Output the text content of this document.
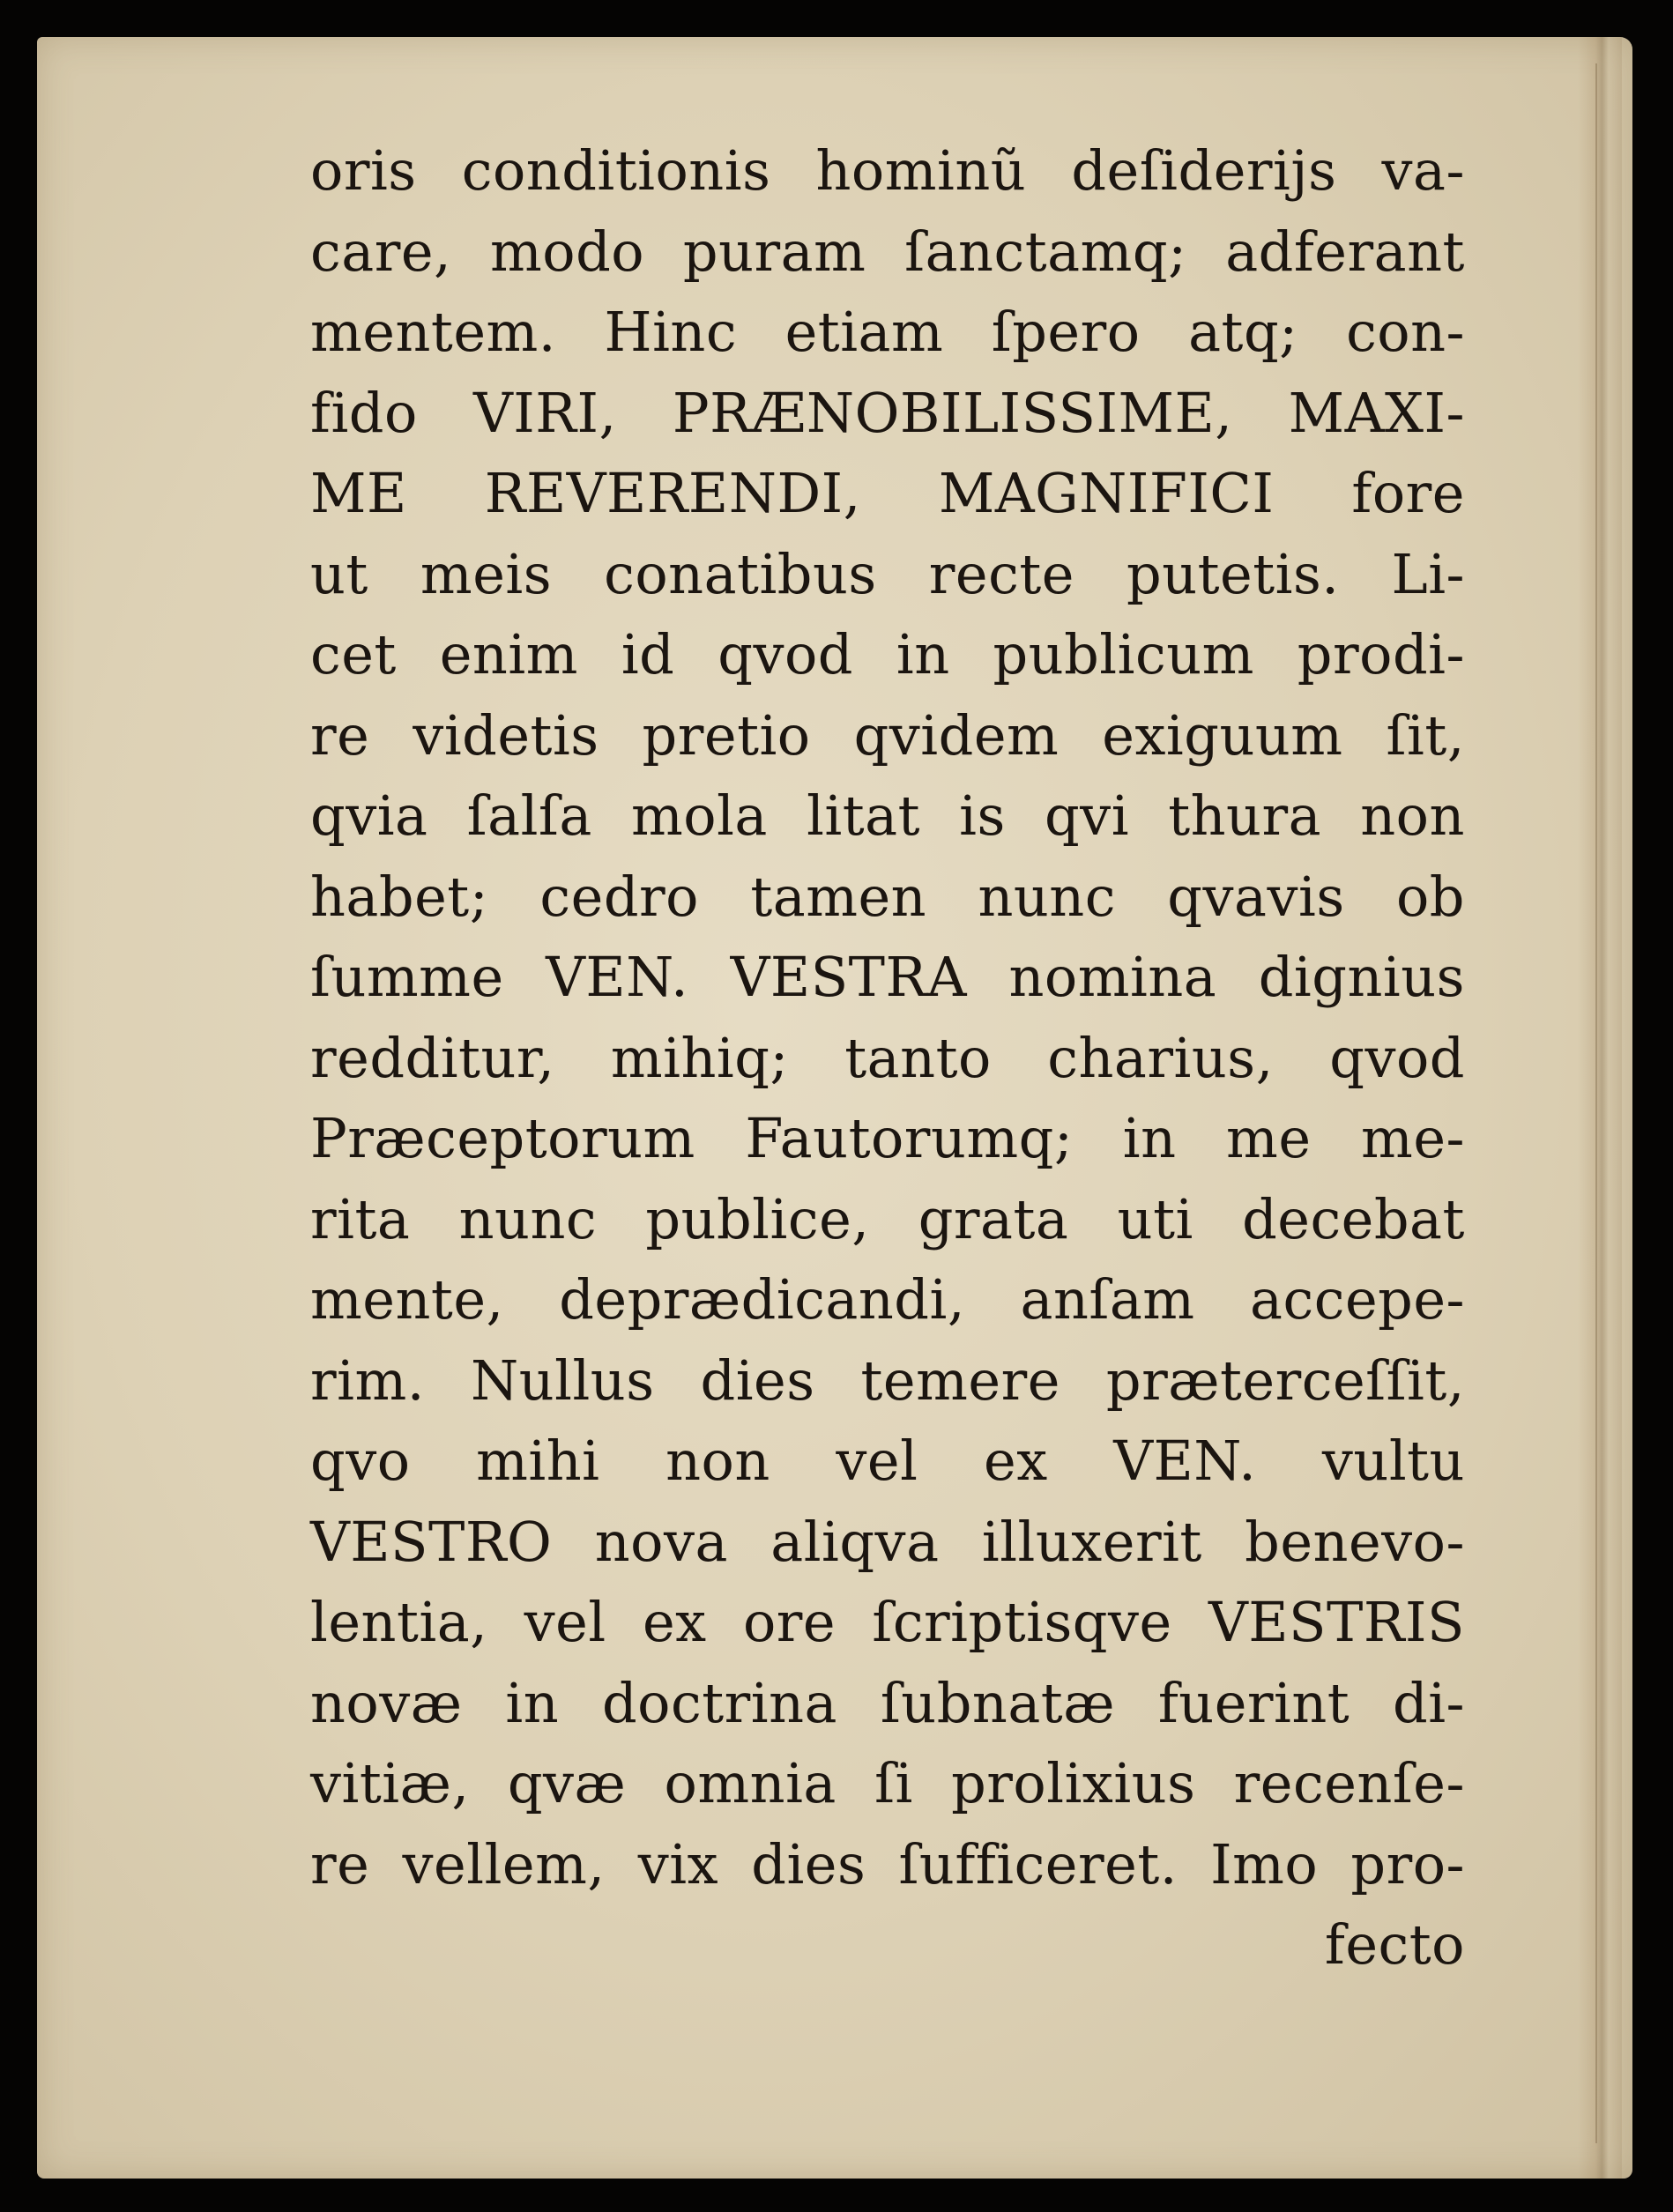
oris conditionis hominũ deſiderijs va-
care, modo puram ſanctamq; adferant
mentem. Hinc etiam ſpero atq; con-
fido VIRI, PRÆNOBILISSIME, MAXI-
ME REVERENDI, MAGNIFICI fore
ut meis conatibus recte putetis. Li-
cet enim id qvod in publicum prodi-
re videtis pretio qvidem exiguum ſit,
qvia ſalſa mola litat is qvi thura non
habet; cedro tamen nunc qvavis ob
ſumme VEN. VESTRA nomina dignius
redditur, mihiq; tanto charius, qvod
Præceptorum Fautorumq; in me me-
rita nunc publice, grata uti decebat
mente, deprædicandi, anſam accepe-
rim. Nullus dies temere præterceſſit,
qvo mihi non vel ex VEN. vultu
VESTRO nova aliqva illuxerit benevo-
lentia, vel ex ore ſcriptisqve VESTRIS
novæ in doctrina ſubnatæ fuerint di-
vitiæ, qvæ omnia ſi prolixius recenſe-
re vellem, vix dies ſufficeret. Imo pro-
fecto
